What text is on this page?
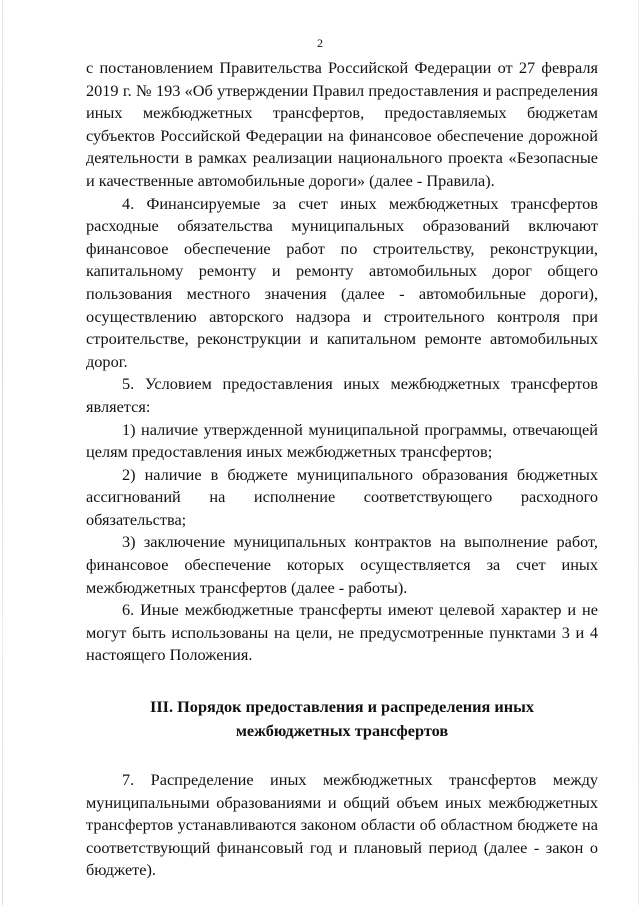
2

с постановлением Правительства Российской Федерации от 27 февраля 2019 г. № 193 «Об утверждении Правил предоставления и распределения иных межбюджетных трансфертов, предоставляемых бюджетам субъектов Российской Федерации на финансовое обеспечение дорожной деятельности в рамках реализации национального проекта «Безопасные и качественные автомобильные дороги» (далее - Правила).

4. Финансируемые за счет иных межбюджетных трансфертов расходные обязательства муниципальных образований включают финансовое обеспечение работ по строительству, реконструкции, капитальному ремонту и ремонту автомобильных дорог общего пользования местного значения (далее - автомобильные дороги), осуществлению авторского надзора и строительного контроля при строительстве, реконструкции и капитальном ремонте автомобильных дорог.

5. Условием предоставления иных межбюджетных трансфертов является:

1) наличие утвержденной муниципальной программы, отвечающей целям предоставления иных межбюджетных трансфертов;

2) наличие в бюджете муниципального образования бюджетных ассигнований на исполнение соответствующего расходного обязательства;

3) заключение муниципальных контрактов на выполнение работ, финансовое обеспечение которых осуществляется за счет иных межбюджетных трансфертов (далее - работы).

6. Иные межбюджетные трансферты имеют целевой характер и не могут быть использованы на цели, не предусмотренные пунктами 3 и 4 настоящего Положения.

III. Порядок предоставления и распределения иных межбюджетных трансфертов

7. Распределение иных межбюджетных трансфертов между муниципальными образованиями и общий объем иных межбюджетных трансфертов устанавливаются законом области об областном бюджете на соответствующий финансовый год и плановый период (далее - закон о бюджете).
